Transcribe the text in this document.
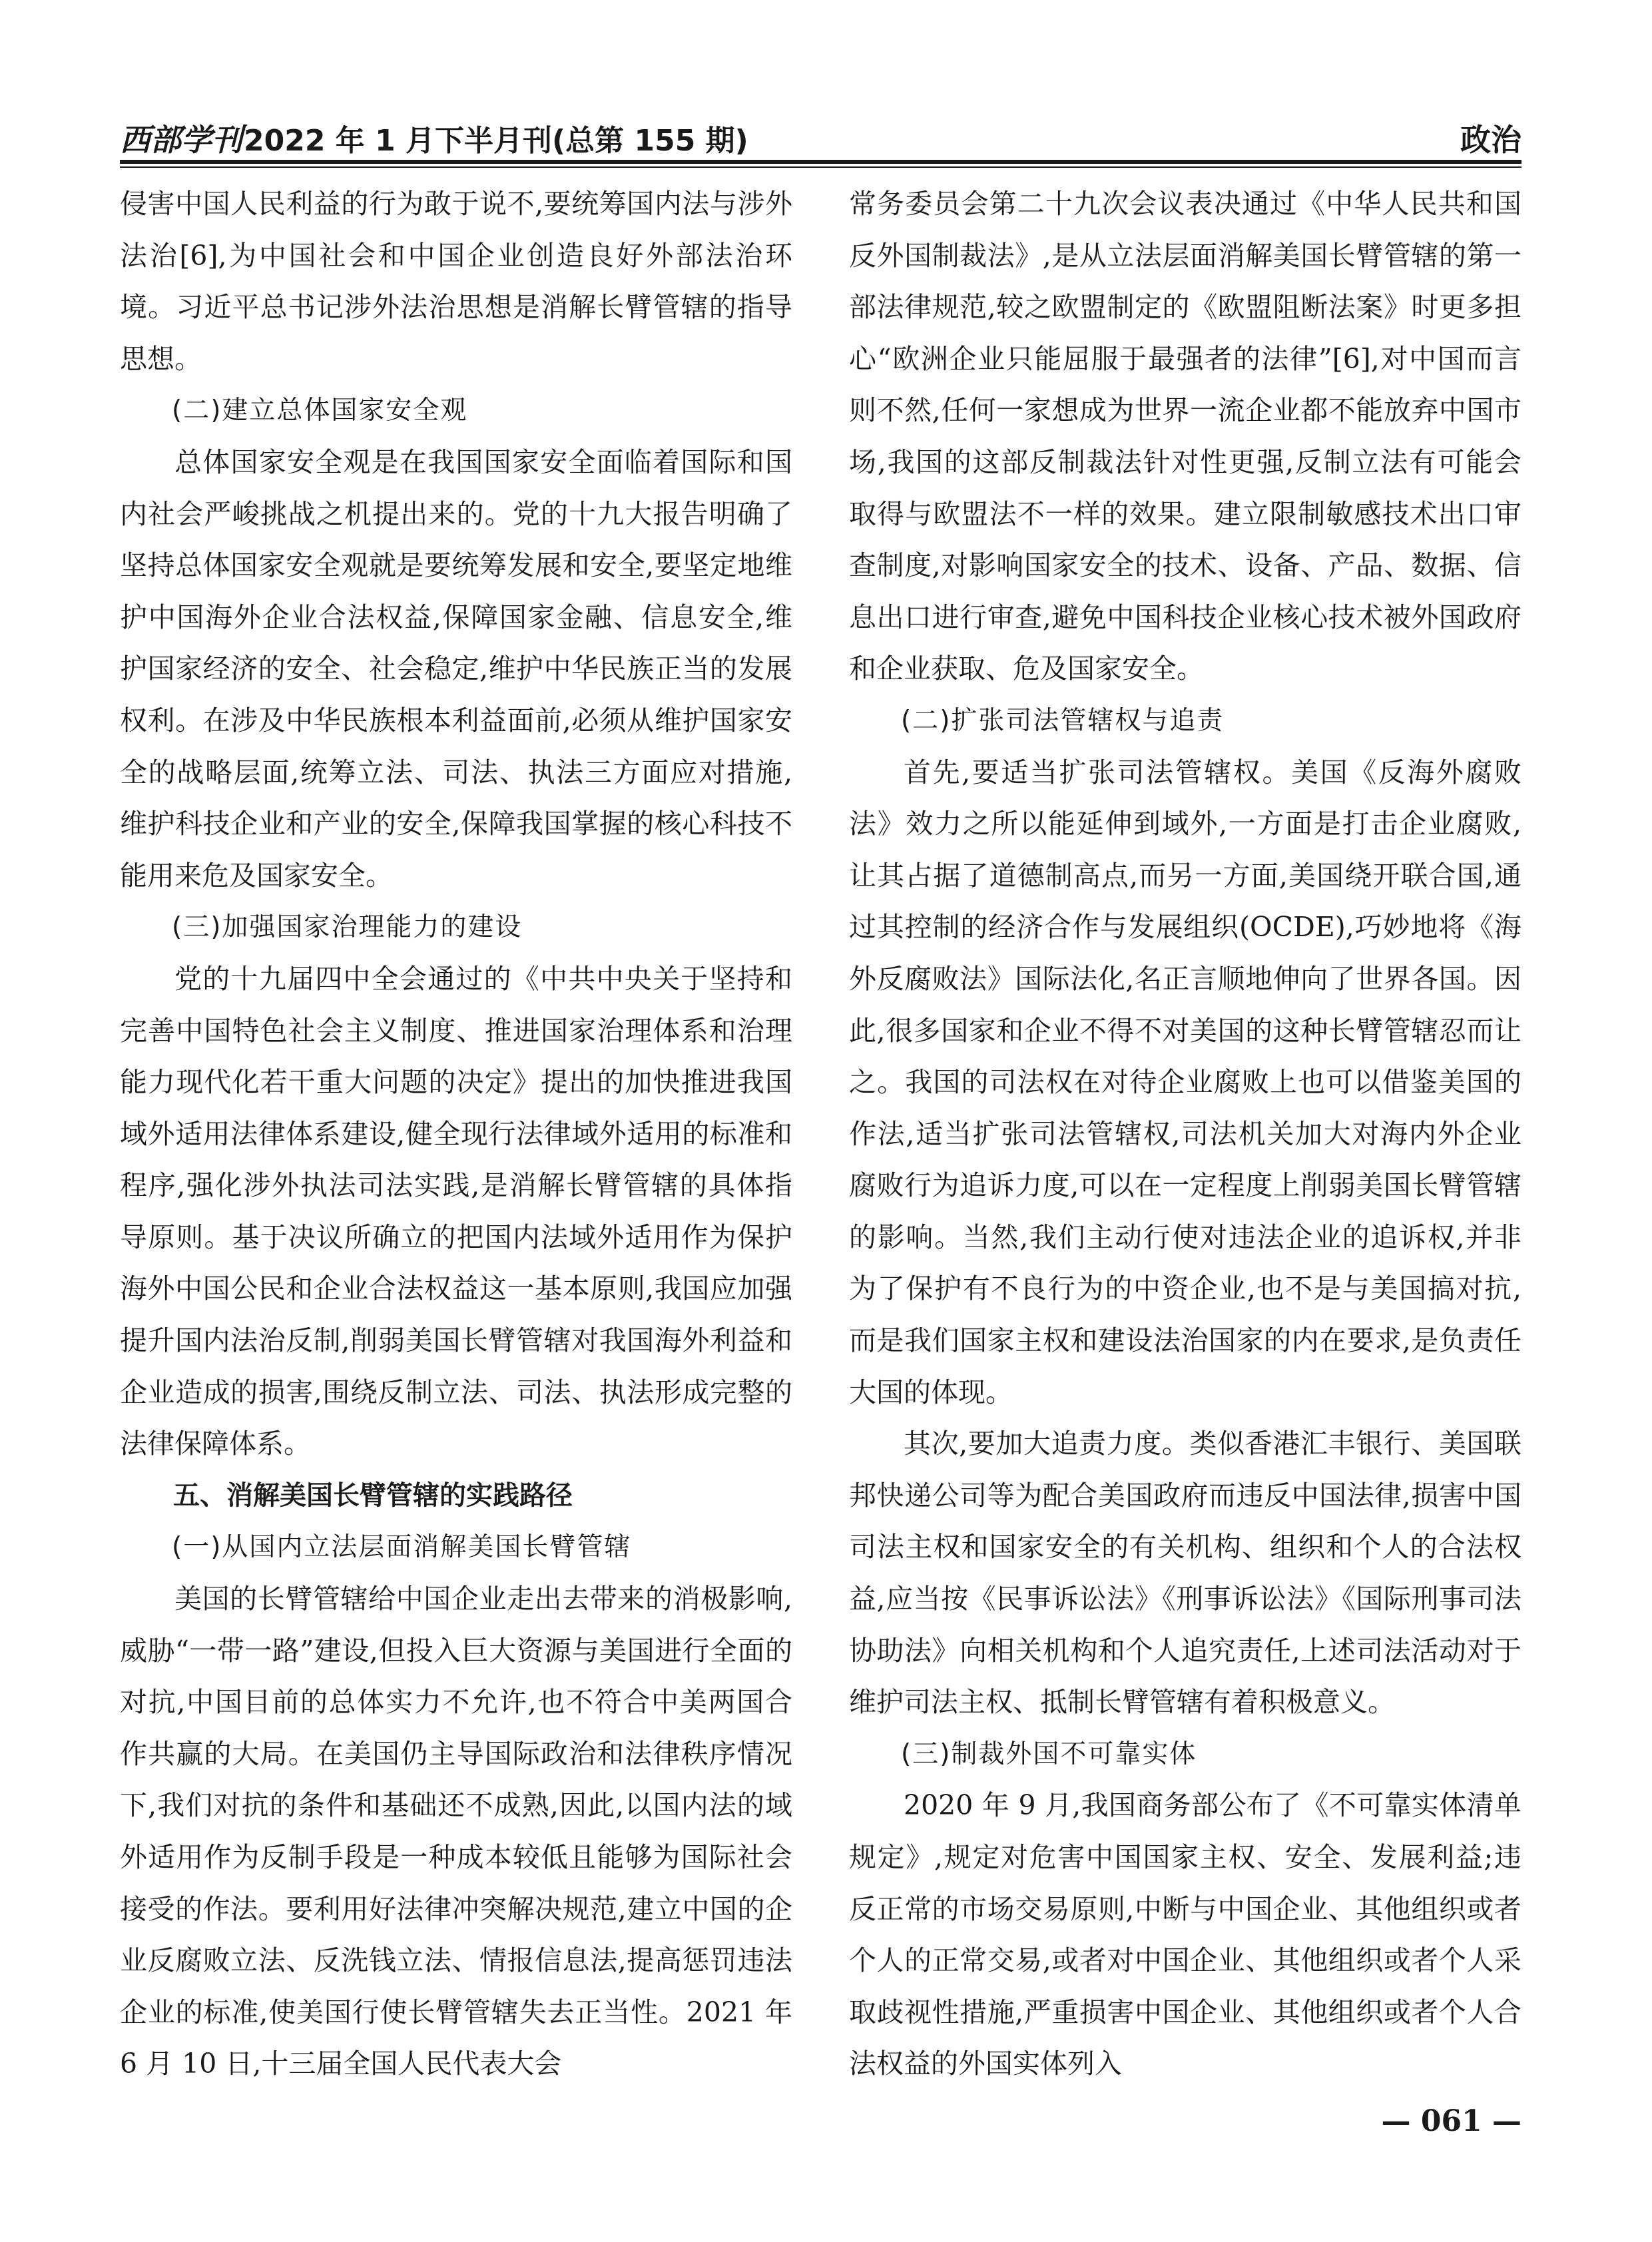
西部学刊2022 年 1 月下半月刊(总第 155 期)	政治

侵害中国人民利益的行为敢于说不,要统筹国内法与涉外法治[6],为中国社会和中国企业创造良好外部法治环境。习近平总书记涉外法治思想是消解长臂管辖的指导思想。

(二)建立总体国家安全观

总体国家安全观是在我国国家安全面临着国际和国内社会严峻挑战之机提出来的。党的十九大报告明确了坚持总体国家安全观就是要统筹发展和安全,要坚定地维护中国海外企业合法权益,保障国家金融、信息安全,维护国家经济的安全、社会稳定,维护中华民族正当的发展权利。在涉及中华民族根本利益面前,必须从维护国家安全的战略层面,统筹立法、司法、执法三方面应对措施,维护科技企业和产业的安全,保障我国掌握的核心科技不能用来危及国家安全。

(三)加强国家治理能力的建设

党的十九届四中全会通过的《中共中央关于坚持和完善中国特色社会主义制度、推进国家治理体系和治理能力现代化若干重大问题的决定》提出的加快推进我国域外适用法律体系建设,健全现行法律域外适用的标准和程序,强化涉外执法司法实践,是消解长臂管辖的具体指导原则。基于决议所确立的把国内法域外适用作为保护海外中国公民和企业合法权益这一基本原则,我国应加强提升国内法治反制,削弱美国长臂管辖对我国海外利益和企业造成的损害,围绕反制立法、司法、执法形成完整的法律保障体系。

五、消解美国长臂管辖的实践路径

(一)从国内立法层面消解美国长臂管辖

美国的长臂管辖给中国企业走出去带来的消极影响,威胁“一带一路”建设,但投入巨大资源与美国进行全面的对抗,中国目前的总体实力不允许,也不符合中美两国合作共赢的大局。在美国仍主导国际政治和法律秩序情况下,我们对抗的条件和基础还不成熟,因此,以国内法的域外适用作为反制手段是一种成本较低且能够为国际社会接受的作法。要利用好法律冲突解决规范,建立中国的企业反腐败立法、反洗钱立法、情报信息法,提高惩罚违法企业的标准,使美国行使长臂管辖失去正当性。2021 年 6 月 10 日,十三届全国人民代表大会

常务委员会第二十九次会议表决通过《中华人民共和国反外国制裁法》,是从立法层面消解美国长臂管辖的第一部法律规范,较之欧盟制定的《欧盟阻断法案》时更多担心“欧洲企业只能屈服于最强者的法律”[6],对中国而言则不然,任何一家想成为世界一流企业都不能放弃中国市场,我国的这部反制裁法针对性更强,反制立法有可能会取得与欧盟法不一样的效果。建立限制敏感技术出口审查制度,对影响国家安全的技术、设备、产品、数据、信息出口进行审查,避免中国科技企业核心技术被外国政府和企业获取、危及国家安全。

(二)扩张司法管辖权与追责

首先,要适当扩张司法管辖权。美国《反海外腐败法》效力之所以能延伸到域外,一方面是打击企业腐败,让其占据了道德制高点,而另一方面,美国绕开联合国,通过其控制的经济合作与发展组织(OCDE),巧妙地将《海外反腐败法》国际法化,名正言顺地伸向了世界各国。因此,很多国家和企业不得不对美国的这种长臂管辖忍而让之。我国的司法权在对待企业腐败上也可以借鉴美国的作法,适当扩张司法管辖权,司法机关加大对海内外企业腐败行为追诉力度,可以在一定程度上削弱美国长臂管辖的影响。当然,我们主动行使对违法企业的追诉权,并非为了保护有不良行为的中资企业,也不是与美国搞对抗,而是我们国家主权和建设法治国家的内在要求,是负责任大国的体现。

其次,要加大追责力度。类似香港汇丰银行、美国联邦快递公司等为配合美国政府而违反中国法律,损害中国司法主权和国家安全的有关机构、组织和个人的合法权益,应当按《民事诉讼法》《刑事诉讼法》《国际刑事司法协助法》向相关机构和个人追究责任,上述司法活动对于维护司法主权、抵制长臂管辖有着积极意义。

(三)制裁外国不可靠实体

2020 年 9 月,我国商务部公布了《不可靠实体清单规定》,规定对危害中国国家主权、安全、发展利益;违反正常的市场交易原则,中断与中国企业、其他组织或者个人的正常交易,或者对中国企业、其他组织或者个人采取歧视性措施,严重损害中国企业、其他组织或者个人合法权益的外国实体列入

— 061 —
